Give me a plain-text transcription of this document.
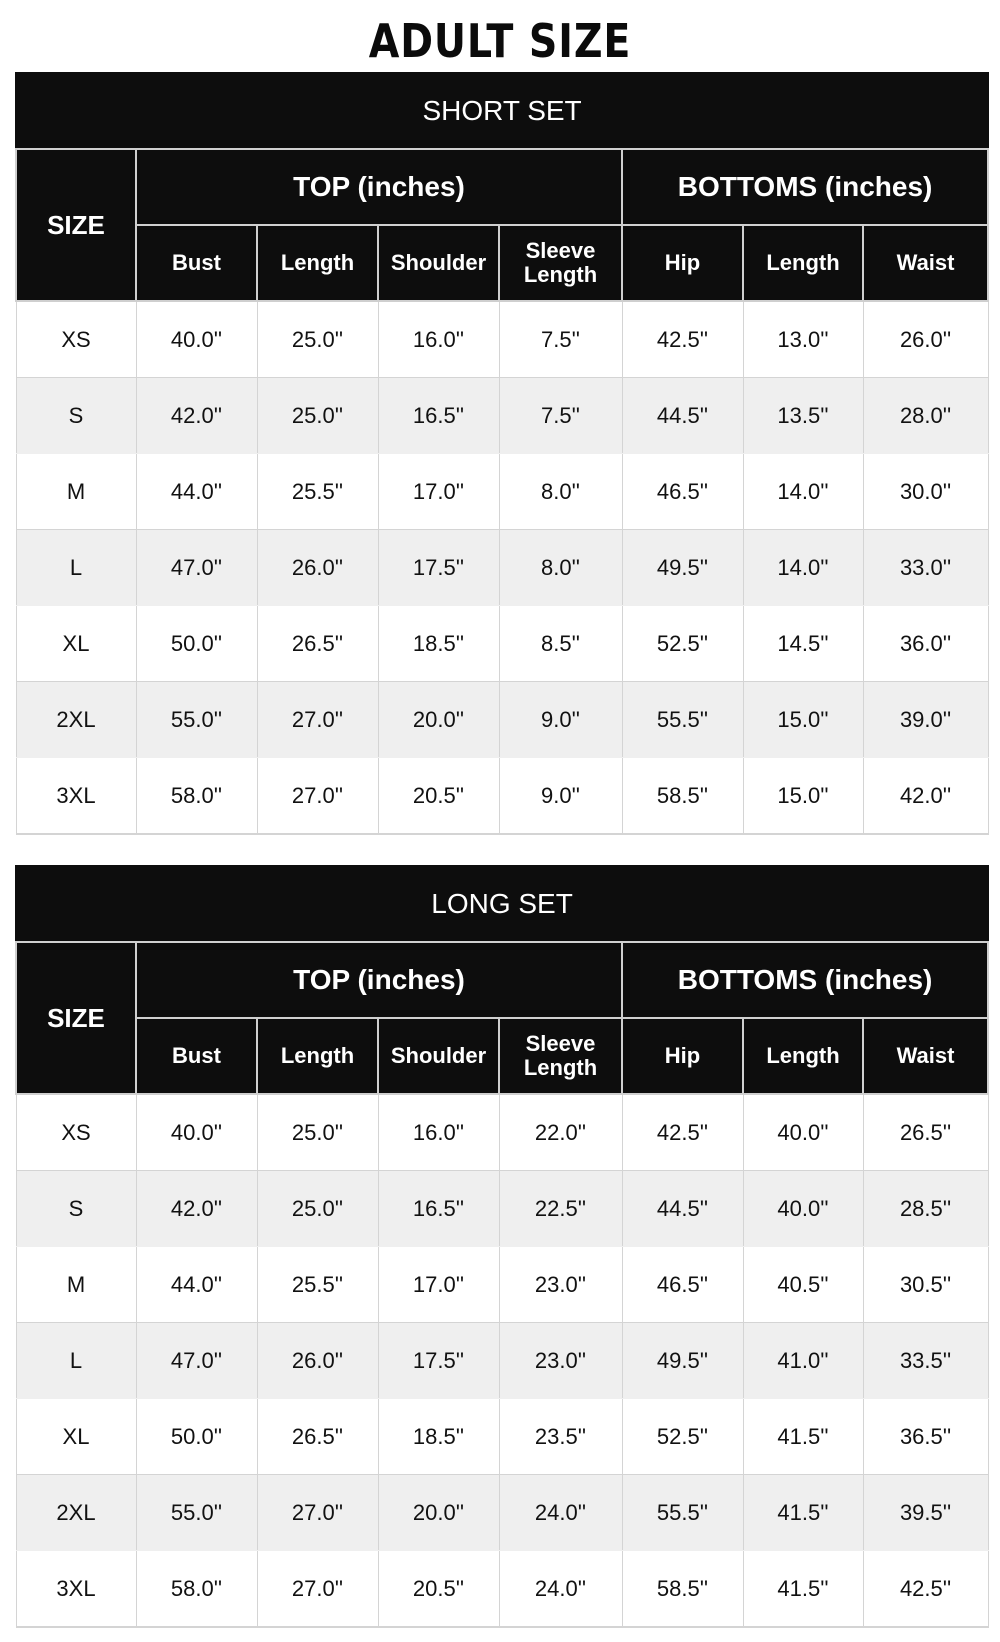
ADULT SIZE
SHORT SET							
SIZE	TOP (inches)				BOTTOMS (inches)		
	Bust	Length	Shoulder	Sleeve Length	Hip	Length	Waist
XS	40.0''	25.0''	16.0''	7.5''	42.5''	13.0''	26.0''
S	42.0''	25.0''	16.5''	7.5''	44.5''	13.5''	28.0''
M	44.0''	25.5''	17.0''	8.0''	46.5''	14.0''	30.0''
L	47.0''	26.0''	17.5''	8.0''	49.5''	14.0''	33.0''
XL	50.0''	26.5''	18.5''	8.5''	52.5''	14.5''	36.0''
2XL	55.0''	27.0''	20.0''	9.0''	55.5''	15.0''	39.0''
3XL	58.0''	27.0''	20.5''	9.0''	58.5''	15.0''	42.0''
LONG SET							
SIZE	TOP (inches)				BOTTOMS (inches)		
	Bust	Length	Shoulder	Sleeve Length	Hip	Length	Waist
XS	40.0''	25.0''	16.0''	22.0''	42.5''	40.0''	26.5''
S	42.0''	25.0''	16.5''	22.5''	44.5''	40.0''	28.5''
M	44.0''	25.5''	17.0''	23.0''	46.5''	40.5''	30.5''
L	47.0''	26.0''	17.5''	23.0''	49.5''	41.0''	33.5''
XL	50.0''	26.5''	18.5''	23.5''	52.5''	41.5''	36.5''
2XL	55.0''	27.0''	20.0''	24.0''	55.5''	41.5''	39.5''
3XL	58.0''	27.0''	20.5''	24.0''	58.5''	41.5''	42.5''
